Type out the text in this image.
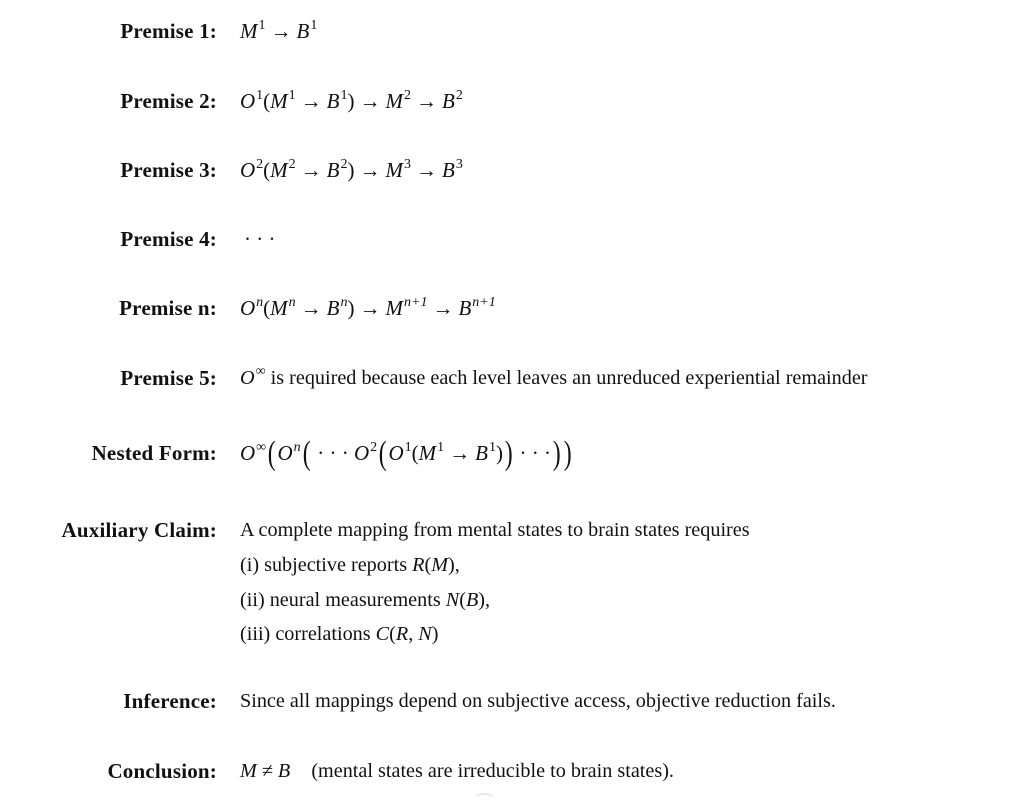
Premise 1: $M^1 \to B^1$
Premise 2: $O^1(M^1 \to B^1) \to M^2 \to B^2$
Premise 3: $O^2(M^2 \to B^2) \to M^3 \to B^3$
Premise 4: · · ·
Premise n: $O^n(M^n \to B^n) \to M^{n+1} \to B^{n+1}$
Premise 5: O∞ is required because each level leaves an unreduced experiential remainder
Nested Form: $O^\infty(O^n$( · · · $O^2(O^1(M^1 \to B^1))$ · · ·))
Auxiliary Claim: A complete mapping from mental states to brain states requires
(i) subjective reports R(M),
(ii) neural measurements N(B),
(iii) correlations C(R, N)
Inference: Since all mappings depend on subjective access, objective reduction fails.
Conclusion: M ≠ B (mental states are irreducible to brain states).
